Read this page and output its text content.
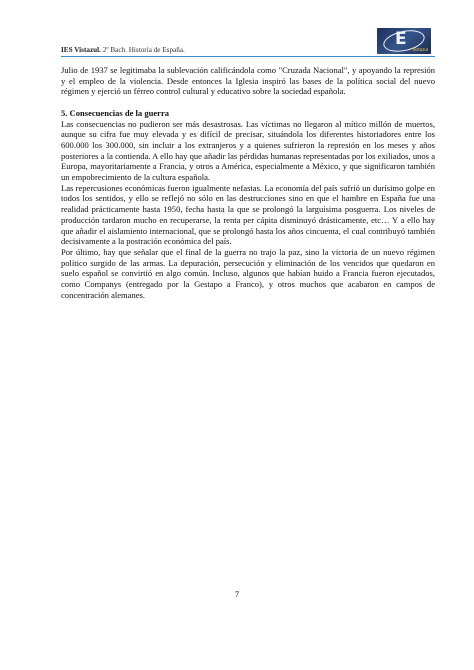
IES Vistazul. 2º Bach. Historia de España.
E
Vistazul

Julio de 1937 se legitimaba la sublevación calificándola como "Cruzada Nacional", y apoyando la represión y el empleo de la violencia. Desde entonces la Iglesia inspiró las bases de la política social del nuevo régimen y ejerció un férreo control cultural y educativo sobre la sociedad española.

5. Consecuencias de la guerra

Las consecuencias no pudieron ser más desastrosas. Las víctimas no llegaron al mítico millón de muertos, aunque su cifra fue muy elevada y es difícil de precisar, situándola los diferentes historiadores entre los 600.000 los 300.000, sin incluir a los extranjeros y a quienes sufrieron la represión en los meses y años posteriores a la contienda. A ello hay que añadir las pérdidas humanas representadas por los exiliados, unos a Europa, mayoritariamente a Francia, y otros a América, especialmente a México, y que significaron también un empobrecimiento de la cultura española.

Las repercusiones económicas fueron igualmente nefastas. La economía del país sufrió un durísimo golpe en todos los sentidos, y ello se reflejó no sólo en las destrucciones sino en que el hambre en España fue una realidad prácticamente hasta 1950, fecha hasta la que se prolongó la larguísima posguerra. Los niveles de producción tardaron mucho en recuperarse, la renta per cápita disminuyó drásticamente, etc… Y a ello hay que añadir el aislamiento internacional, que se prolongó hasta los años cincuenta, el cual contribuyó también decisivamente a la postración económica del país.

Por último, hay que señalar que el final de la guerra no trajo la paz, sino la victoria de un nuevo régimen político surgido de las armas. La depuración, persecución y eliminación de los vencidos que quedaron en suelo español se convirtió en algo común. Incluso, algunos que habían huido a Francia fueron ejecutados, como Companys (entregado por la Gestapo a Franco), y otros muchos que acabaron en campos de concentración alemanes.

7
